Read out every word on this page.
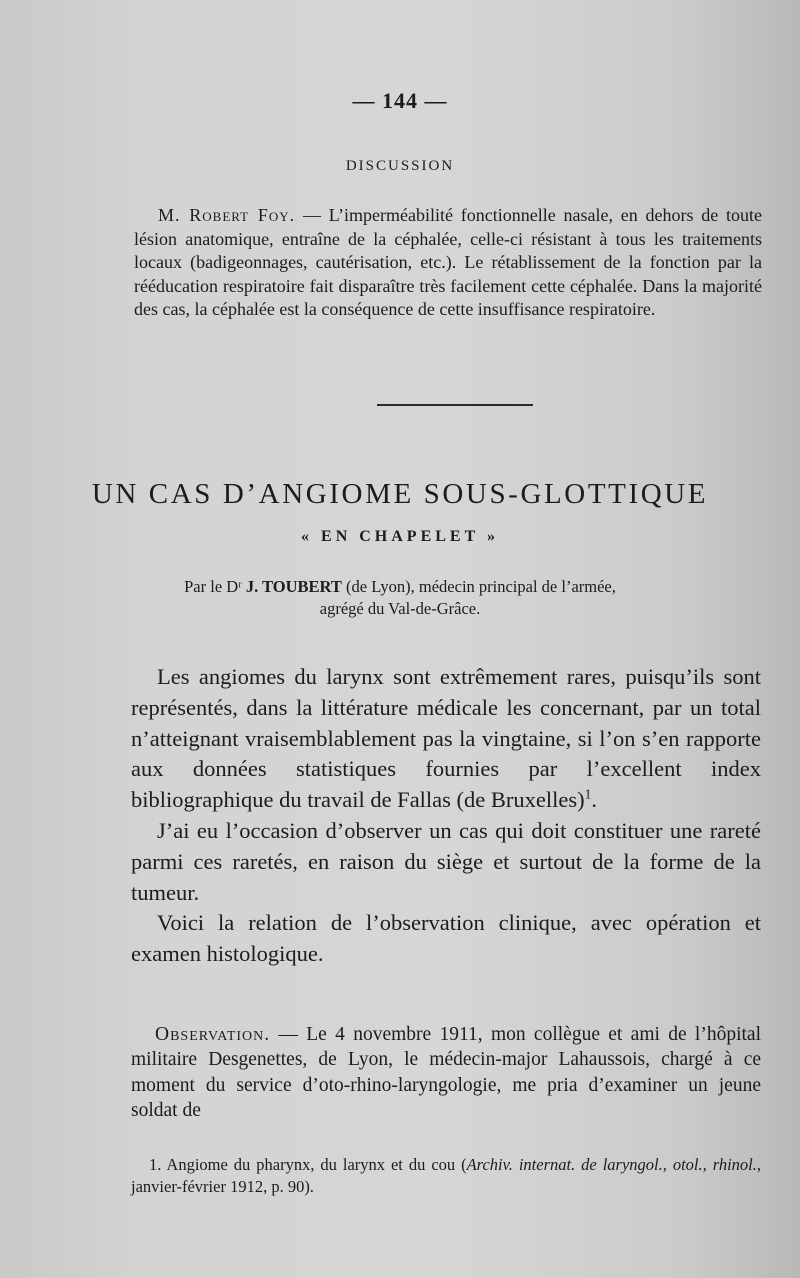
— 144 —
DISCUSSION
M. Robert Foy. — L’imperméabilité fonctionnelle nasale, en dehors de toute lésion anatomique, entraîne de la céphalée, celle-ci résistant à tous les traitements locaux (badigeonnages, cautérisation, etc.). Le rétablissement de la fonction par la rééducation respiratoire fait disparaître très facilement cette céphalée. Dans la majorité des cas, la céphalée est la conséquence de cette insuffisance respiratoire.
UN CAS D’ANGIOME SOUS-GLOTTIQUE
« EN CHAPELET »
Par le Dʳ J. TOUBERT (de Lyon), médecin principal de l’armée,
agrégé du Val-de-Grâce.

Les angiomes du larynx sont extrêmement rares, puisqu’ils sont représentés, dans la littérature médicale les concernant, par un total n’atteignant vraisemblablement pas la vingtaine, si l’on s’en rapporte aux données statistiques fournies par l’excellent index bibliographique du travail de Fallas (de Bruxelles)$^1$.

J’ai eu l’occasion d’observer un cas qui doit constituer une rareté parmi ces raretés, en raison du siège et surtout de la forme de la tumeur.

Voici la relation de l’observation clinique, avec opération et examen histologique.

Observation. — Le 4 novembre 1911, mon collègue et ami de l’hôpital militaire Desgenettes, de Lyon, le médecin-major Lahaussois, chargé à ce moment du service d’oto-rhino-laryngologie, me pria d’examiner un jeune soldat de
1. Angiome du pharynx, du larynx et du cou (Archiv. internat. de laryngol., otol., rhinol., janvier-février 1912, p. 90).
